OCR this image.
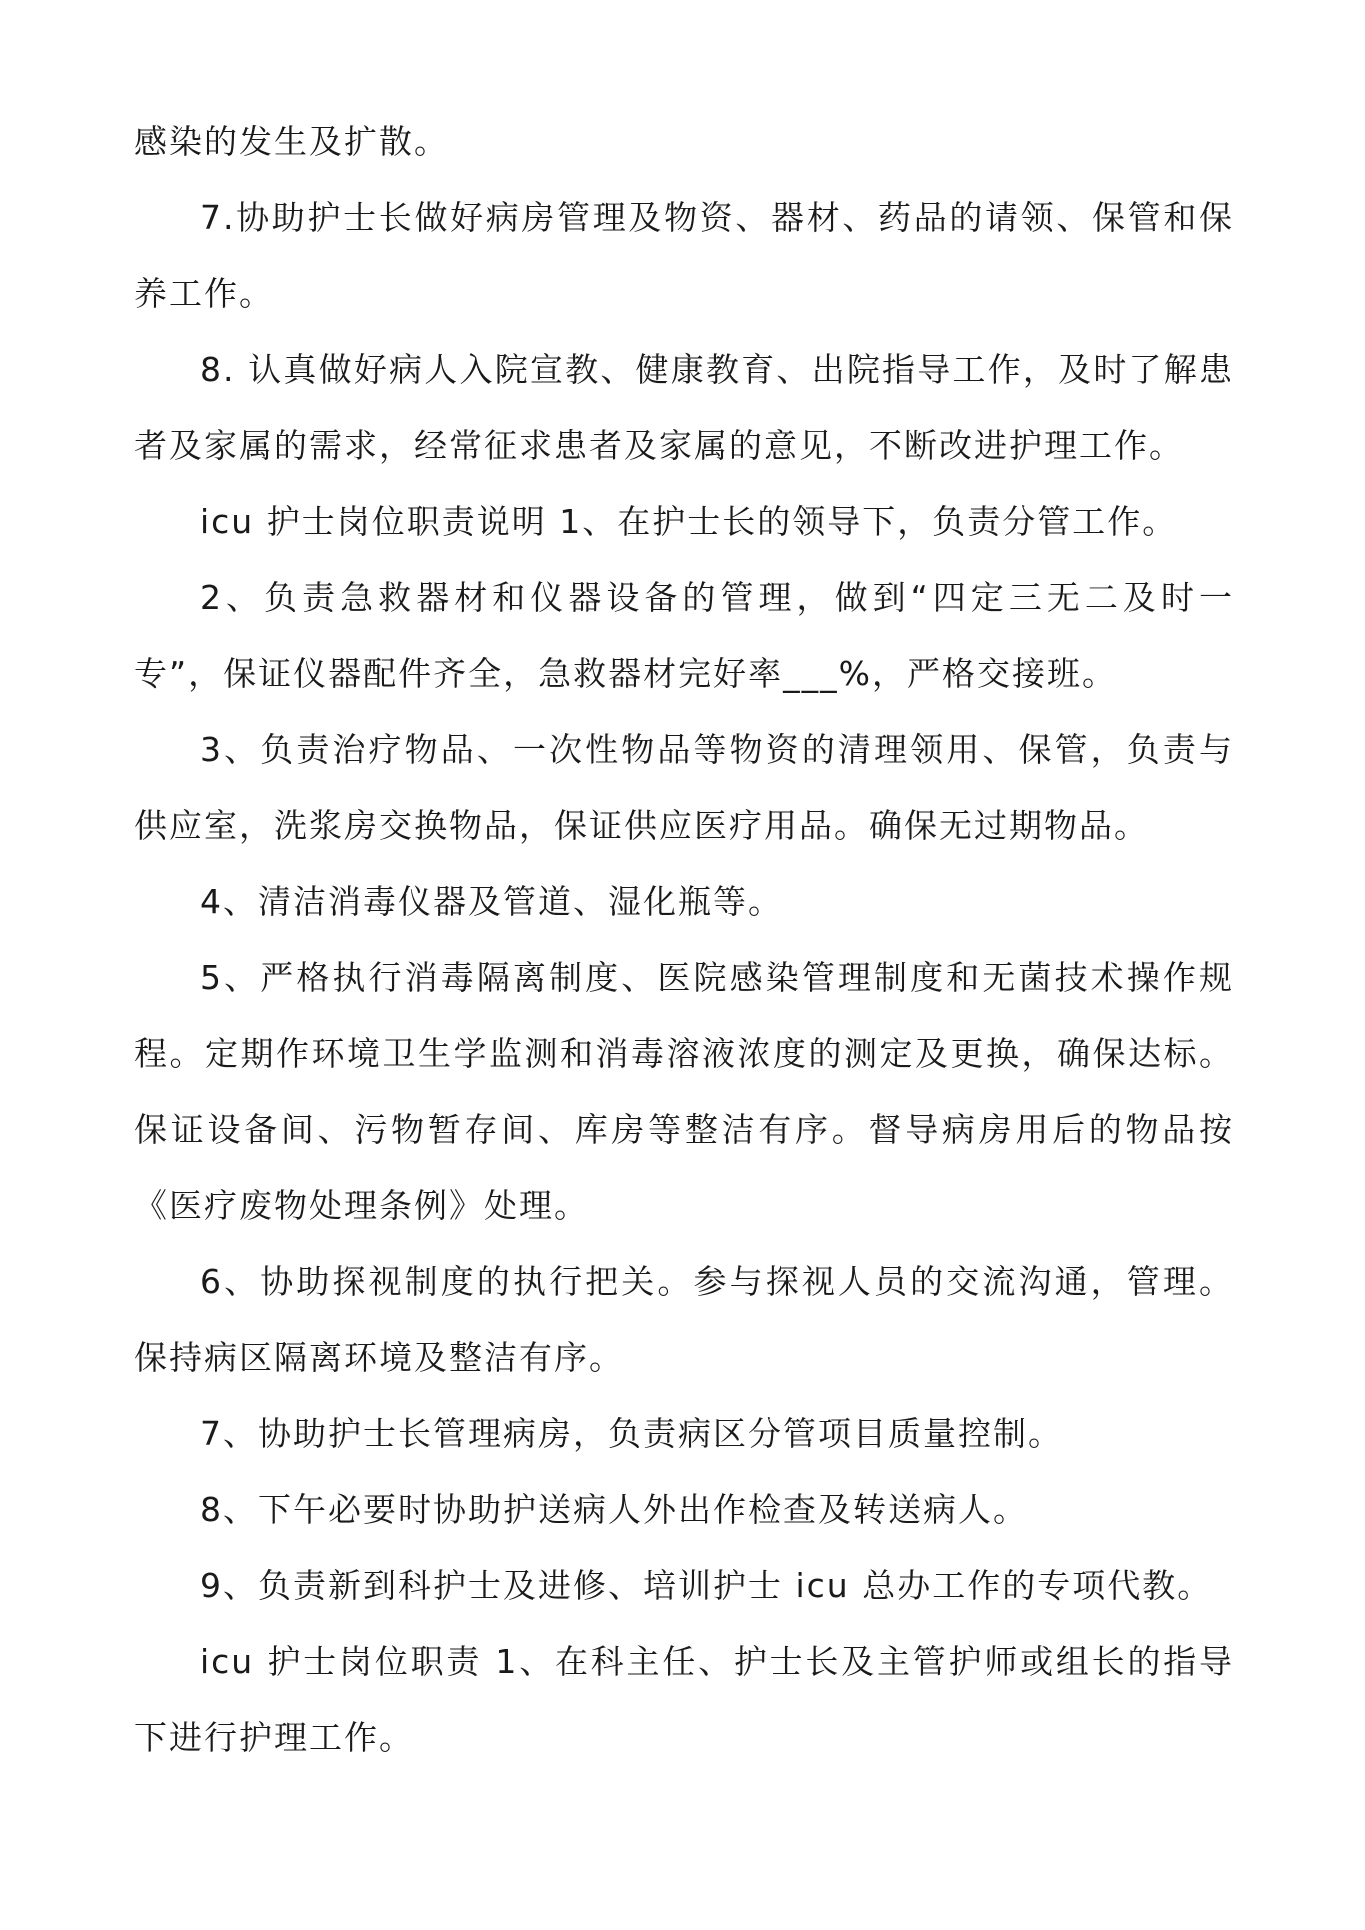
感染的发生及扩散。

7.协助护士长做好病房管理及物资、器材、药品的请领、保管和保养工作。

8. 认真做好病人入院宣教、健康教育、出院指导工作，及时了解患者及家属的需求，经常征求患者及家属的意见，不断改进护理工作。

icu 护士岗位职责说明 1、在护士长的领导下，负责分管工作。

2、负责急救器材和仪器设备的管理，做到“四定三无二及时一专”，保证仪器配件齐全，急救器材完好率___%，严格交接班。

3、负责治疗物品、一次性物品等物资的清理领用、保管，负责与供应室，洗浆房交换物品，保证供应医疗用品。确保无过期物品。

4、清洁消毒仪器及管道、湿化瓶等。

5、严格执行消毒隔离制度、医院感染管理制度和无菌技术操作规程。定期作环境卫生学监测和消毒溶液浓度的测定及更换，确保达标。保证设备间、污物暂存间、库房等整洁有序。督导病房用后的物品按《医疗废物处理条例》处理。

6、协助探视制度的执行把关。参与探视人员的交流沟通，管理。保持病区隔离环境及整洁有序。

7、协助护士长管理病房，负责病区分管项目质量控制。

8、下午必要时协助护送病人外出作检查及转送病人。

9、负责新到科护士及进修、培训护士 icu 总办工作的专项代教。

icu 护士岗位职责 1、在科主任、护士长及主管护师或组长的指导下进行护理工作。
